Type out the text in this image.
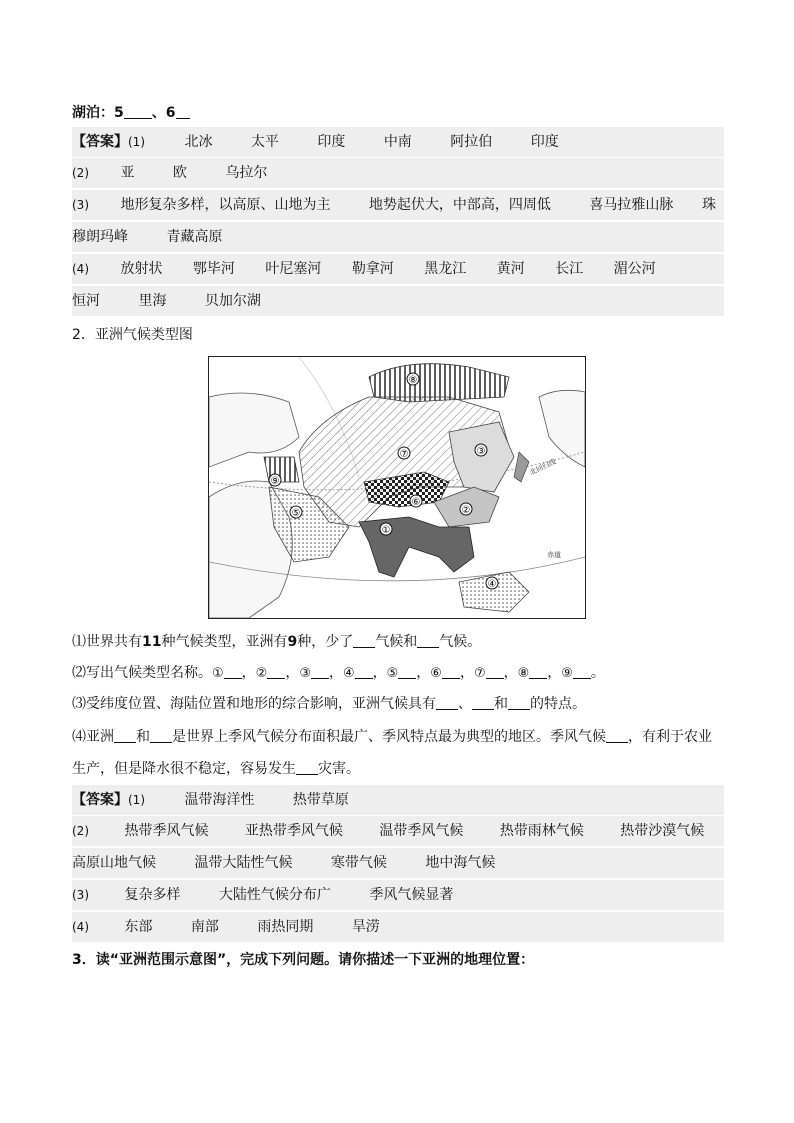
湖泊：5 、6
【答案】(1)	北冰	太平	印度	中南	阿拉伯	印度
(2) 亚	欧	乌拉尔
(3) 地形复杂多样，以高原、山地为主	地势起伏大，中部高，四周低	喜马拉雅山脉 珠
穆朗玛峰	青藏高原
(4) 放射状 鄂毕河 叶尼塞河 勒拿河 黑龙江 黄河 长江 湄公河
恒河	里海	贝加尔湖
2．亚洲气候类型图
①
②
③
④
⑤
⑥
⑦
⑧
⑨
北回归线
赤道
⑴世界共有11种气候类型，亚洲有9种，少了 气候和 气候。
⑵写出气候类型名称。① ，② ，③ ，④ ，⑤ ，⑥ ，⑦ ，⑧ ，⑨ 。
⑶受纬度位置、海陆位置和地形的综合影响，亚洲气候具有 、 和 的特点。
⑷亚洲 和 是世界上季风气候分布面积最广、季风特点最为典型的地区。季风气候 ，有利于农业
生产，但是降水很不稳定，容易发生 灾害。
【答案】(1)	温带海洋性	热带草原
(2)	热带季风气候	亚热带季风气候	温带季风气候	热带雨林气候	热带沙漠气候
高原山地气候	温带大陆性气候	寒带气候	地中海气候
(3)	复杂多样	大陆性气候分布广	季风气候显著
(4)	东部	南部	雨热同期	旱涝
3．读“亚洲范围示意图”，完成下列问题。请你描述一下亚洲的地理位置：
